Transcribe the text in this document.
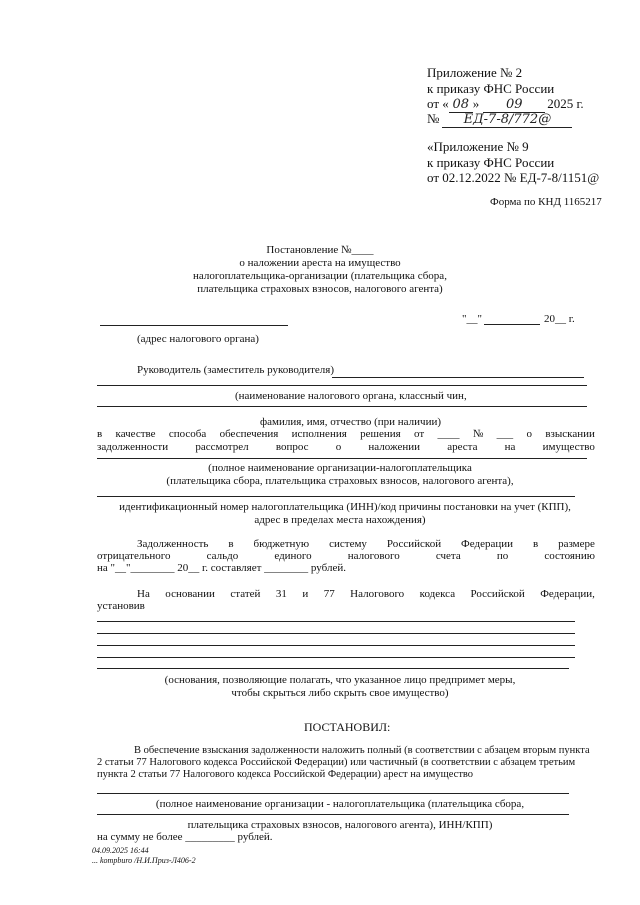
Приложение № 2
к приказу ФНС России
от « 08 » 09 2025 г.
№ ЕД-7-8/772@
«Приложение № 9
к приказу ФНС России
от 02.12.2022 № ЕД-7-8/1151@
Форма по КНД 1165217
Постановление №____
о наложении ареста на имущество
налогоплательщика-организации (плательщика сбора,
плательщика страховых взносов, налогового агента)
"__"	20__ г.
(адрес налогового органа)
Руководитель (заместитель руководителя)
(наименование налогового органа, классный чин,
фамилия, имя, отчество (при наличии)
в качестве способа обеспечения исполнения решения от ____ № ___ о взыскании
задолженности рассмотрел вопрос о наложении ареста на имущество
(полное наименование организации-налогоплательщика
(плательщика сбора, плательщика страховых взносов, налогового агента),
идентификационный номер налогоплательщика (ИНН)/код причины постановки на учет (КПП),
адрес в пределах места нахождения)
Задолженность в бюджетную систему Российской Федерации в размере
отрицательного	сальдо	единого	налогового	счета	по	состоянию
на "__"________ 20__ г. составляет ________ рублей.
На основании статей 31 и 77 Налогового кодекса Российской Федерации,
установив
(основания, позволяющие полагать, что указанное лицо предпримет меры,
чтобы скрыться либо скрыть свое имущество)
ПОСТАНОВИЛ:
В обеспечение взыскания задолженности наложить полный (в соответствии с абзацем вторым пункта
2 статьи 77 Налогового кодекса Российской Федерации) или частичный (в соответствии с абзацем третьим
пункта 2 статьи 77 Налогового кодекса Российской Федерации) арест на имущество
(полное наименование организации - налогоплательщика (плательщика сбора,
плательщика страховых взносов, налогового агента), ИНН/КПП)
на сумму не более _________ рублей.
04.09.2025 16:44
... kompburo /Н.И.Приз-Л406-2
